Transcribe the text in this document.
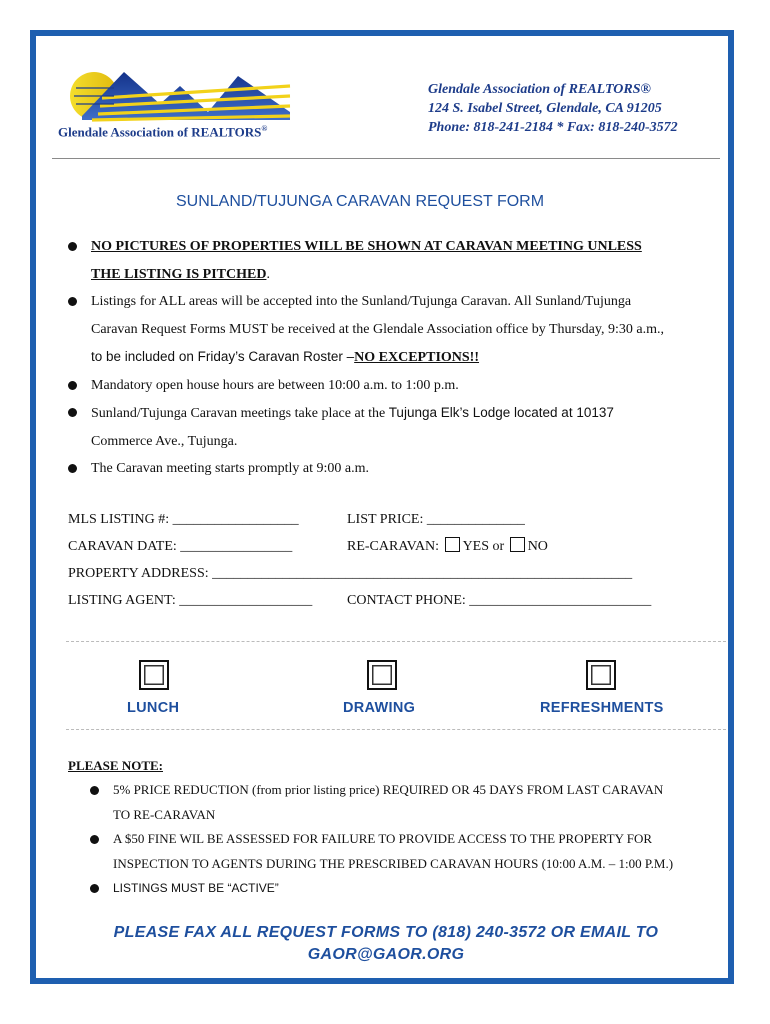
Glendale Association of REALTORS®
Glendale Association of REALTORS®
124 S. Isabel Street, Glendale, CA 91205
Phone: 818-241-2184 * Fax: 818-240-3572
SUNLAND/TUJUNGA CARAVAN REQUEST FORM
NO PICTURES OF PROPERTIES WILL BE SHOWN AT CARAVAN MEETING UNLESS
THE LISTING IS PITCHED.
Listings for ALL areas will be accepted into the Sunland/Tujunga Caravan. All Sunland/Tujunga
Caravan Request Forms MUST be received at the Glendale Association office by Thursday, 9:30 a.m.,
to be included on Friday’s Caravan Roster –NO EXCEPTIONS!!
Mandatory open house hours are between 10:00 a.m. to 1:00 p.m.
Sunland/Tujunga Caravan meetings take place at the Tujunga Elk’s Lodge located at 10137
Commerce Ave., Tujunga.
The Caravan meeting starts promptly at 9:00 a.m.
MLS LISTING #: __________________	LIST PRICE: ______________
CARAVAN DATE: ________________	RE-CARAVAN: YES or NO
PROPERTY ADDRESS: ____________________________________________________________
LISTING AGENT: ___________________ CONTACT PHONE: __________________________
LUNCH	DRAWING	REFRESHMENTS
PLEASE NOTE:
5% PRICE REDUCTION (from prior listing price) REQUIRED OR 45 DAYS FROM LAST CARAVAN
TO RE-CARAVAN
A $50 FINE WIL BE ASSESSED FOR FAILURE TO PROVIDE ACCESS TO THE PROPERTY FOR
INSPECTION TO AGENTS DURING THE PRESCRIBED CARAVAN HOURS (10:00 A.M. – 1:00 P.M.)
LISTINGS MUST BE “ACTIVE”
PLEASE FAX ALL REQUEST FORMS TO (818) 240-3572 OR EMAIL TO
GAOR@GAOR.ORG
